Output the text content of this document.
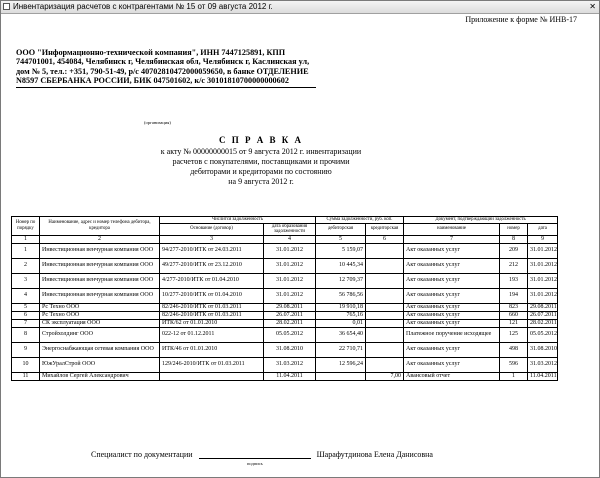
Инвентаризация расчетов с контрагентами № 15 от 09 августа 2012 г.	✕
Приложение к форме № ИНВ-17
ООО "Информационно-технической компания", ИНН 7447125891, КПП 744701001, 454084, Челябинск г, Челябинская обл, Челябинск г, Каслинская ул, дом № 5, тел.: +351, 790-51-49, р/с 40702810472000059650, в банке ОТДЕЛЕНИЕ N8597 СБЕРБАНКА РОССИИ, БИК 047501602, к/с 30101810700000000602
(организация)
С П Р А В К А
к акту № 00000000015 от 9 августа 2012 г. инвентаризации
расчетов с покупателями, поставщиками и прочими
дебиторами и кредиторами по состоянию
на 9 августа 2012 г.
Номер по порядку	Наименование, адрес и номер телефона дебитора, кредитора	Числится задолженность		Сумма задолженности, руб. коп.		Документ, подтверждающий задолженность		
		Основание (договор)	дата образования задолженности	дебиторская	кредиторская	наименование	номер	дата
1	2	3	4	5	6	7	8	9
1	Инвестиционная венчурная компания ООО	94/277-2010/ИТК от 24.03.2011	31.01.2012	5 159,07		Акт оказанных услуг	209	31.01.2012
2	Инвестиционная венчурная компания ООО	49/277-2010/ИТК от 23.12.2010	31.01.2012	10 445,34		Акт оказанных услуг	212	31.01.2012
3	Инвестиционная венчурная компания ООО	4/277-2010/ИТК от 01.04.2010	31.01.2012	12 709,37		Акт оказанных услуг	193	31.01.2012
4	Инвестиционная венчурная компания ООО	10/277-2010/ИТК от 01.04.2010	31.01.2012	56 786,56		Акт оказанных услуг	194	31.01.2012
5	Рс Техно ООО	82/246-2010/ИТК от 01.03.2011	29.08.2011	19 910,18		Акт оказанных услуг	823	29.08.2011
6	Рс Техно ООО	82/246-2010/ИТК от 01.03.2011	26.07.2011	765,16		Акт оказанных услуг	660	26.07.2011
7	СК эксплуатация ООО	ИТК/62 от 01.01.2010	28.02.2011	0,01		Акт оказанных услуг	121	28.02.2011
8	Стройхолдинг ООО	022-12 от 01.12.2011	05.05.2012	36 654,40		Платежное поручение исходящее	125	05.05.2012
9	Энергоснабжающая сетевая компания ООО	ИТК/46 от 01.01.2010	31.08.2010	22 710,71		Акт оказанных услуг	498	31.08.2010
10	ЮжУралСтрой ООО	129/246-2010/ИТК от 01.03.2011	31.03.2012	12 596,24		Акт оказанных услуг	596	31.03.2012
11	Михайлов Сергей Александрович		11.04.2011		7,00	Авансовый отчет	1	11.04.2011
Специалист по документации	Шарафутдинова Елена Данисовна
подпись
